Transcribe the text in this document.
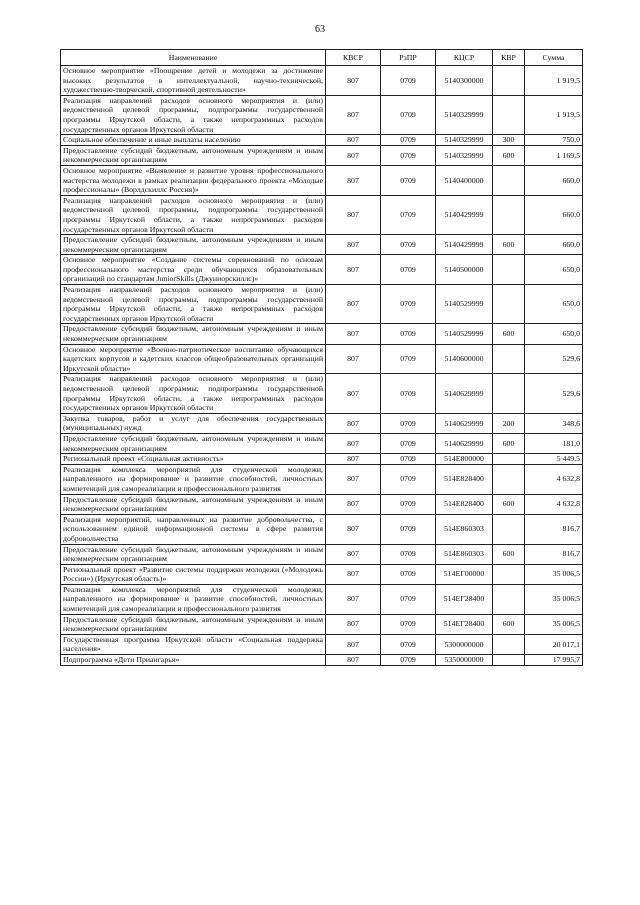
63
Наименование	КВСР	РзПР	КЦСР	КВР	Сумма
Основное мероприятие «Поощрение детей и молодежи за достижение высоких результатов в интеллектуальной, научно-технической, художественно-творческой, спортивной деятельности»	807	0709	5140300000		1 919,5
Реализация направлений расходов основного мероприятия и (или) ведомственной целевой программы, подпрограммы государственной программы Иркутской области, а также непрограммных расходов государственных органов Иркутской области	807	0709	5140329999		1 919,5
Социальное обеспечение и иные выплаты населению	807	0709	5140329999	300	750,0
Предоставление субсидий бюджетным, автономным учреждениям и иным некоммерческим организациям	807	0709	5140329999	600	1 169,5
Основное мероприятие «Выявление и развитие уровня профессионального мастерства молодежи в рамках реализации федерального проекта «Молодые профессионалы» (Ворлдскиллс Россия)»	807	0709	5140400000		660,0
Реализация направлений расходов основного мероприятия и (или) ведомственной целевой программы, подпрограммы государственной программы Иркутской области, а также непрограммных расходов государственных органов Иркутской области	807	0709	5140429999		660,0
Предоставление субсидий бюджетным, автономным учреждениям и иным некоммерческим организациям	807	0709	5140429999	600	660,0
Основное мероприятие «Создание системы соревнований по основам профессионального мастерства среди обучающихся образовательных организаций по стандартам JuniorSkills (Джуниорскиллс)»	807	0709	5140500000		650,0
Реализация направлений расходов основного мероприятия и (или) ведомственной целевой программы, подпрограммы государственной программы Иркутской области, а также непрограммных расходов государственных органов Иркутской области	807	0709	5140529999		650,0
Предоставление субсидий бюджетным, автономным учреждениям и иным некоммерческим организациям	807	0709	5140529999	600	650,0
Основное мероприятие «Военно-патриотическое воспитание обучающихся кадетских корпусов и кадетских классов общеобразовательных организаций Иркутской области»	807	0709	5140600000		529,6
Реализация направлений расходов основного мероприятия и (или) ведомственной целевой программы, подпрограммы государственной программы Иркутской области, а также непрограммных расходов государственных органов Иркутской области	807	0709	5140629999		529,6
Закупка товаров, работ и услуг для обеспечения государственных (муниципальных) нужд	807	0709	5140629999	200	348,6
Предоставление субсидий бюджетным, автономным учреждениям и иным некоммерческим организациям	807	0709	5140629999	600	181,0
Региональный проект «Социальная активность»	807	0709	514E800000		5 449,5
Реализация комплекса мероприятий для студенческой молодежи, направленного на формирование и развитие способностей, личностных компетенций для самореализации и профессионального развития	807	0709	514E828400		4 632,8
Предоставление субсидий бюджетным, автономным учреждениям и иным некоммерческим организациям	807	0709	514E828400	600	4 632,8
Реализация мероприятий, направленных на развитие добровольчества, с использованием единой информационной системы в сфере развития добровольчества	807	0709	514E860303		816,7
Предоставление субсидий бюджетным, автономным учреждениям и иным некоммерческим организациям	807	0709	514E860303	600	816,7
Региональный проект «Развитие системы поддержки молодежи («Молодежь России») (Иркутская область)»	807	0709	514ЕГ00000		35 006,5
Реализация комплекса мероприятий для студенческой молодежи, направленного на формирование и развитие способностей, личностных компетенций для самореализации и профессионального развития	807	0709	514ЕГ28400		35 006,5
Предоставление субсидий бюджетным, автономным учреждениям и иным некоммерческим организациям	807	0709	514ЕГ28400	600	35 006,5
Государственная программа Иркутской области «Социальная поддержка населения»	807	0709	5300000000		20 017,1
Подпрограмма «Дети Приангарья»	807	0709	5350000000		17 995,7
